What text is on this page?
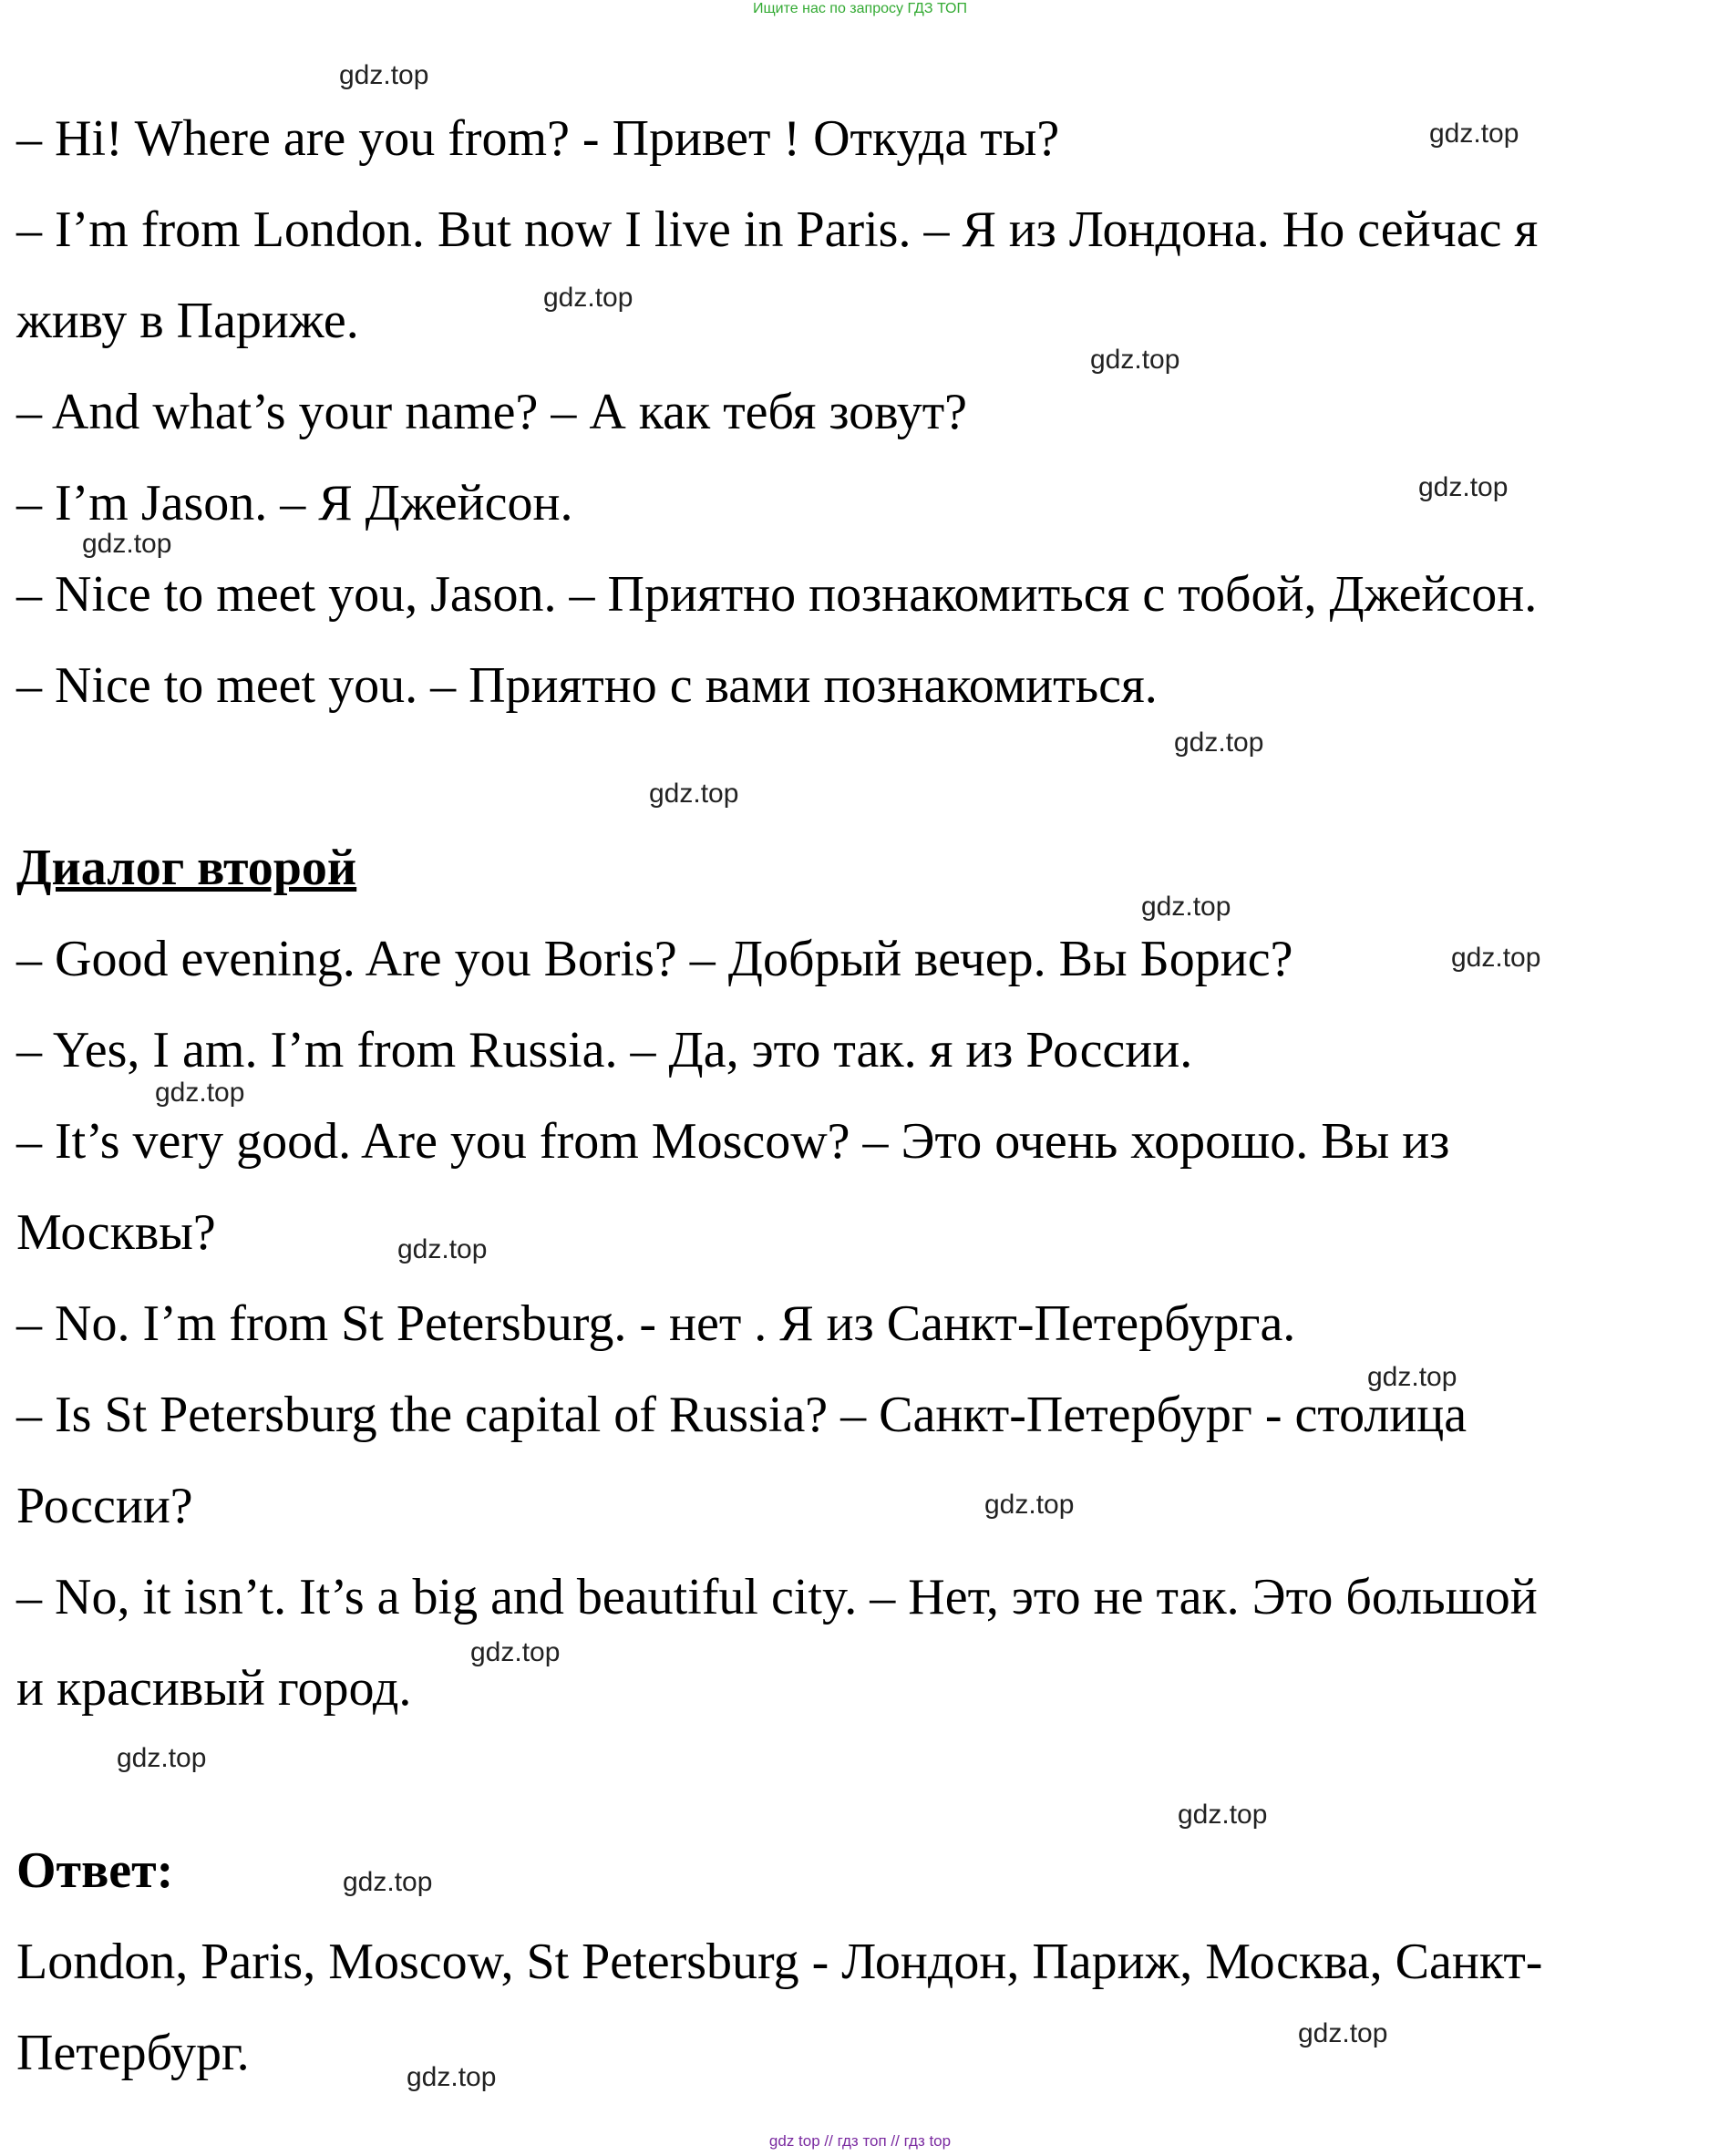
Ищите нас по запросу ГДЗ ТОП
– Hi! Where are you from? - Привет ! Откуда ты?
– I’m from London. But now I live in Paris. – Я из Лондона. Но сейчас я
живу в Париже.
– And what’s your name? – А как тебя зовут?
– I’m Jason. – Я Джейсон.
– Nice to meet you, Jason. – Приятно познакомиться с тобой, Джейсон.
– Nice to meet you. – Приятно с вами познакомиться.
Диалог второй
– Good evening. Are you Boris? – Добрый вечер. Вы Борис?
– Yes, I am. I’m from Russia. – Да, это так. я из России.
– It’s very good. Are you from Moscow? – Это очень хорошо. Вы из
Москвы?
– No. I’m from St Petersburg. - нет . Я из Санкт-Петербурга.
– Is St Petersburg the capital of Russia? – Санкт-Петербург - столица
России?
– No, it isn’t. It’s a big and beautiful city. – Нет, это не так. Это большой
и красивый город.
Ответ:
London, Paris, Moscow, St Petersburg - Лондон, Париж, Москва, Санкт-
Петербург.
gdz.top
gdz.top
gdz.top
gdz.top
gdz.top
gdz.top
gdz.top
gdz.top
gdz.top
gdz.top
gdz.top
gdz.top
gdz.top
gdz.top
gdz.top
gdz.top
gdz.top
gdz.top
gdz.top
gdz.top
gdz top // гдз топ // гдз top
